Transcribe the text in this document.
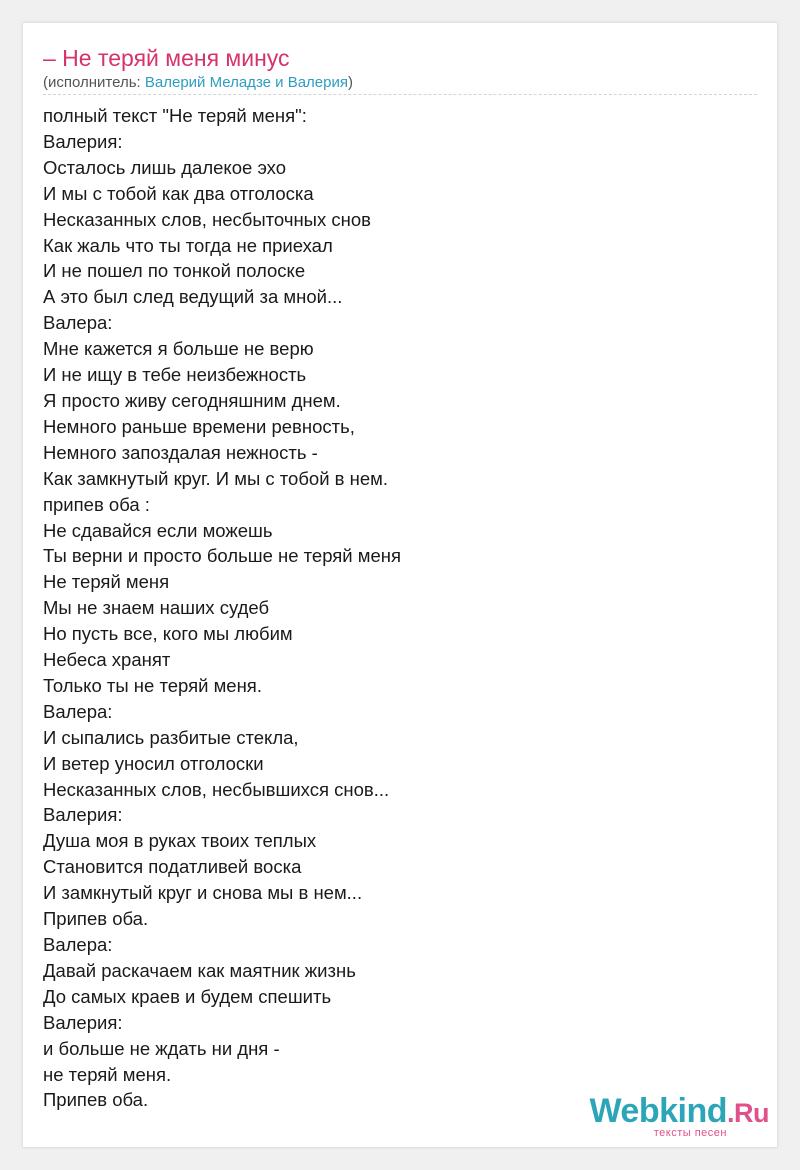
– Не теряй меня минус
(исполнитель: Валерий Меладзе и Валерия)
полный текст "Не теряй меня":
Валерия:
Осталось лишь далекое эхо
И мы с тобой как два отголоска
Несказанных слов, несбыточных снов
Как жаль что ты тогда не приехал
И не пошел по тонкой полоске
А это был след ведущий за мной...
Валера:
Мне кажется я больше не верю
И не ищу в тебе неизбежность
Я просто живу сегодняшним днем.
Немного раньше времени ревность,
Немного запоздалая нежность -
Как замкнутый круг. И мы с тобой в нем.
припев оба :
Не сдавайся если можешь
Ты верни и просто больше не теряй меня
Не теряй меня
Мы не знаем наших судеб
Но пусть все, кого мы любим
Небеса хранят
Только ты не теряй меня.
Валера:
И сыпались разбитые стекла,
И ветер уносил отголоски
Несказанных слов, несбывшихся снов...
Валерия:
Душа моя в руках твоих теплых
Становится податливей воска
И замкнутый круг и снова мы в нем...
Припев оба.
Валера:
Давай раскачаем как маятник жизнь
До самых краев и будем спешить
Валерия:
и больше не ждать ни дня -
не теряй меня.
Припев оба.	Webkind.Ru
тексты песен
